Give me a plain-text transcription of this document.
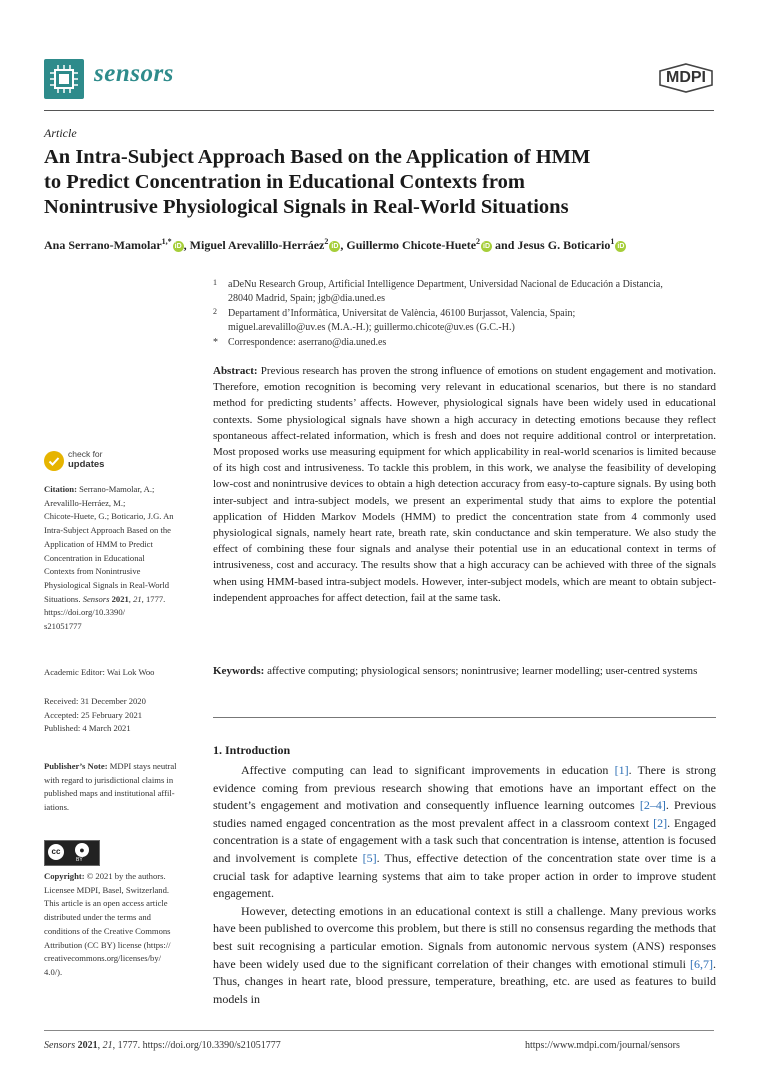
sensors	MDPI
Article
An Intra-Subject Approach Based on the Application of HMM
to Predict Concentration in Educational Contexts from
Nonintrusive Physiological Signals in Real-World Situations
Ana Serrano-Mamolar$^{1,*}$iD , Miguel Arevalillo-Herráez$^2$iD , Guillermo Chicote-Huete$^2$iD and Jesus G. Boticario$^1$iD
1 aDeNu Research Group, Artificial Intelligence Department, Universidad Nacional de Educación a Distancia,
28040 Madrid, Spain; jgb@dia.uned.es
2 Departament d’Informàtica, Universitat de València, 46100 Burjassot, Valencia, Spain;
miguel.arevalillo@uv.es (M.A.-H.); guillermo.chicote@uv.es (G.C.-H.)
* Correspondence: aserrano@dia.uned.es
Abstract: Previous research has proven the strong influence of emotions on student engagement and motivation. Therefore, emotion recognition is becoming very relevant in educational scenarios, but there is no standard method for predicting students’ affects. However, physiological signals have been widely used in educational contexts. Some physiological signals have shown a high accuracy in detecting emotions because they reflect spontaneous affect-related information, which is fresh and does not require additional control or interpretation. Most proposed works use measuring equipment for which applicability in real-world scenarios is limited because of its high cost and intrusiveness. To tackle this problem, in this work, we analyse the feasibility of developing low-cost and nonintrusive devices to obtain a high detection accuracy from easy-to-capture signals. By using both inter-subject and intra-subject models, we present an experimental study that aims to explore the potential application of Hidden Markov Models (HMM) to predict the concentration state from 4 commonly used physiological signals, namely heart rate, breath rate, skin conductance and skin temperature. We also study the effect of combining these four signals and analyse their potential use in an educational context in terms of intrusiveness, cost and accuracy. The results show that a high accuracy can be achieved with three of the signals when using HMM-based intra-subject models. However, inter-subject models, which are meant to obtain subject-independent approaches for affect detection, fail at the same task.
Keywords: affective computing; physiological sensors; nonintrusive; learner modelling; user-centred systems
1. Introduction

Affective computing can lead to significant improvements in education [1]. There is strong evidence coming from previous research showing that emotions have an important effect on the student’s engagement and motivation and consequently influence learning outcomes [2–4]. Previous studies named engaged concentration as the most prevalent affect in a classroom context [2]. Engaged concentration is a state of engagement with a task such that concentration is intense, attention is focused and involvement is complete [5]. Thus, effective detection of the concentration state over time is a crucial task for adaptive learning systems that aim to take proper action in order to improve student engagement.

However, detecting emotions in an educational context is still a challenge. Many previous works have been published to overcome this problem, but there is still no consensus regarding the methods that best suit recognising a particular emotion. Signals from autonomic nervous system (ANS) responses have been widely used due to the significant correlation of their changes with emotional stimuli [6,7]. Thus, changes in heart rate, blood pressure, temperature, breathing, etc. are used as features to build models in

check for
updates
Citation: Serrano-Mamolar, A.;
Arevalillo-Herráez, M.;
Chicote-Huete, G.; Boticario, J.G. An
Intra-Subject Approach Based on the
Application of HMM to Predict
Concentration in Educational
Contexts from Nonintrusive
Physiological Signals in Real-World
Situations. Sensors 2021, 21, 1777.
https://doi.org/10.3390/
s21051777
Academic Editor: Wai Lok Woo
Received: 31 December 2020
Accepted: 25 February 2021
Published: 4 March 2021
Publisher’s Note: MDPI stays neutral
with regard to jurisdictional claims in
published maps and institutional affil-
iations.
cc	●
BY
Copyright: © 2021 by the authors.
Licensee MDPI, Basel, Switzerland.
This article is an open access article
distributed under the terms and
conditions of the Creative Commons
Attribution (CC BY) license (https://
creativecommons.org/licenses/by/
4.0/).
Sensors 2021, 21, 1777. https://doi.org/10.3390/s21051777	https://www.mdpi.com/journal/sensors
